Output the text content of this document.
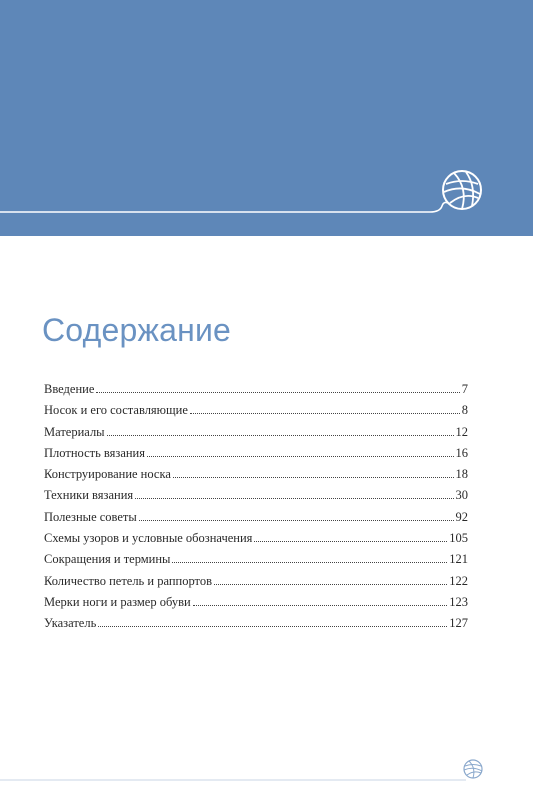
Содержание
Введение	7
Носок и его составляющие	8
Материалы	12
Плотность вязания	16
Конструирование носка	18
Техники вязания	30
Полезные советы	92
Схемы узоров и условные обозначения	105
Сокращения и термины	121
Количество петель и раппортов	122
Мерки ноги и размер обуви	123
Указатель	127
